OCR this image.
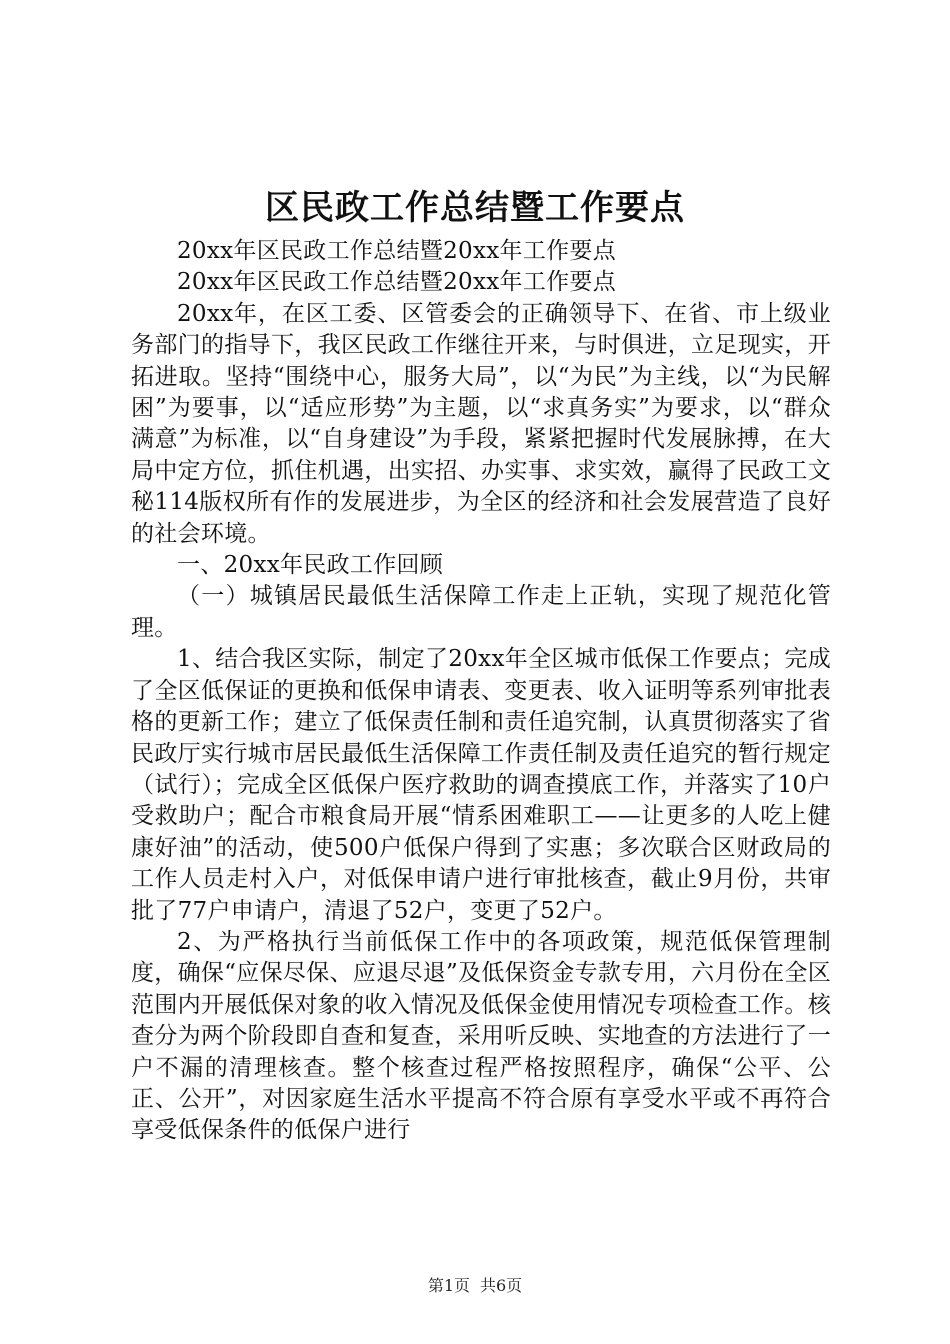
区民政工作总结暨工作要点

20xx年区民政工作总结暨20xx年工作要点

20xx年区民政工作总结暨20xx年工作要点

20xx年，在区工委、区管委会的正确领导下、在省、市上级业务部门的指导下，我区民政工作继往开来，与时俱进，立足现实，开拓进取。坚持“围绕中心，服务大局”，以“为民”为主线，以“为民解困”为要事，以“适应形势”为主题，以“求真务实”为要求，以“群众满意”为标准，以“自身建设”为手段，紧紧把握时代发展脉搏，在大局中定方位，抓住机遇，出实招、办实事、求实效，赢得了民政工文秘114版权所有作的发展进步，为全区的经济和社会发展营造了良好的社会环境。

一、20xx年民政工作回顾

（一）城镇居民最低生活保障工作走上正轨，实现了规范化管理。

1、结合我区实际，制定了20xx年全区城市低保工作要点；完成了全区低保证的更换和低保申请表、变更表、收入证明等系列审批表格的更新工作；建立了低保责任制和责任追究制，认真贯彻落实了省民政厅实行城市居民最低生活保障工作责任制及责任追究的暂行规定（试行）；完成全区低保户医疗救助的调查摸底工作，并落实了10户受救助户；配合市粮食局开展“情系困难职工——让更多的人吃上健康好油”的活动，使500户低保户得到了实惠；多次联合区财政局的工作人员走村入户，对低保申请户进行审批核查，截止9月份，共审批了77户申请户，清退了52户，变更了52户。

2、为严格执行当前低保工作中的各项政策，规范低保管理制度，确保“应保尽保、应退尽退”及低保资金专款专用，六月份在全区范围内开展低保对象的收入情况及低保金使用情况专项检查工作。核查分为两个阶段即自查和复查，采用听反映、实地查的方法进行了一户不漏的清理核查。整个核查过程严格按照程序，确保“公平、公正、公开”，对因家庭生活水平提高不符合原有享受水平或不再符合享受低保条件的低保户进行

第1页 共6页
